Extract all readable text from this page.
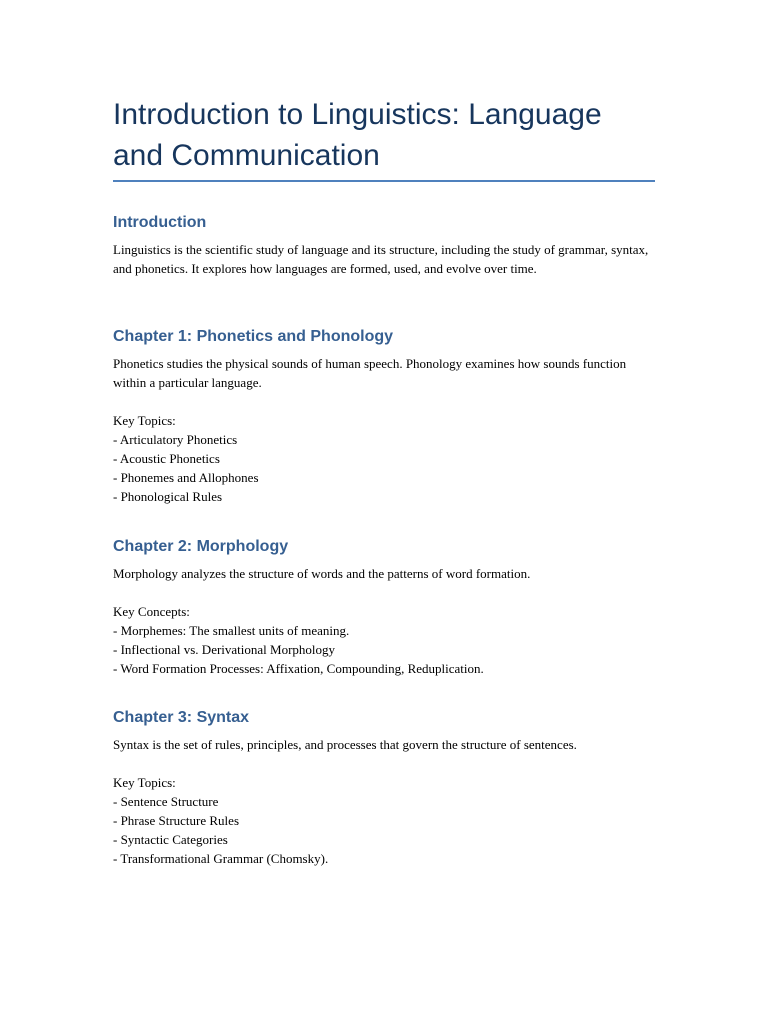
Introduction to Linguistics: Language and Communication
Introduction

Linguistics is the scientific study of language and its structure, including the study of grammar, syntax, and phonetics. It explores how languages are formed, used, and evolve over time.

Chapter 1: Phonetics and Phonology

Phonetics studies the physical sounds of human speech. Phonology examines how sounds function within a particular language.

Key Topics:

- Articulatory Phonetics
- Acoustic Phonetics
- Phonemes and Allophones
- Phonological Rules
Chapter 2: Morphology

Morphology analyzes the structure of words and the patterns of word formation.

Key Concepts:

- Morphemes: The smallest units of meaning.
- Inflectional vs. Derivational Morphology
- Word Formation Processes: Affixation, Compounding, Reduplication.
Chapter 3: Syntax

Syntax is the set of rules, principles, and processes that govern the structure of sentences.

Key Topics:

- Sentence Structure
- Phrase Structure Rules
- Syntactic Categories
- Transformational Grammar (Chomsky).
